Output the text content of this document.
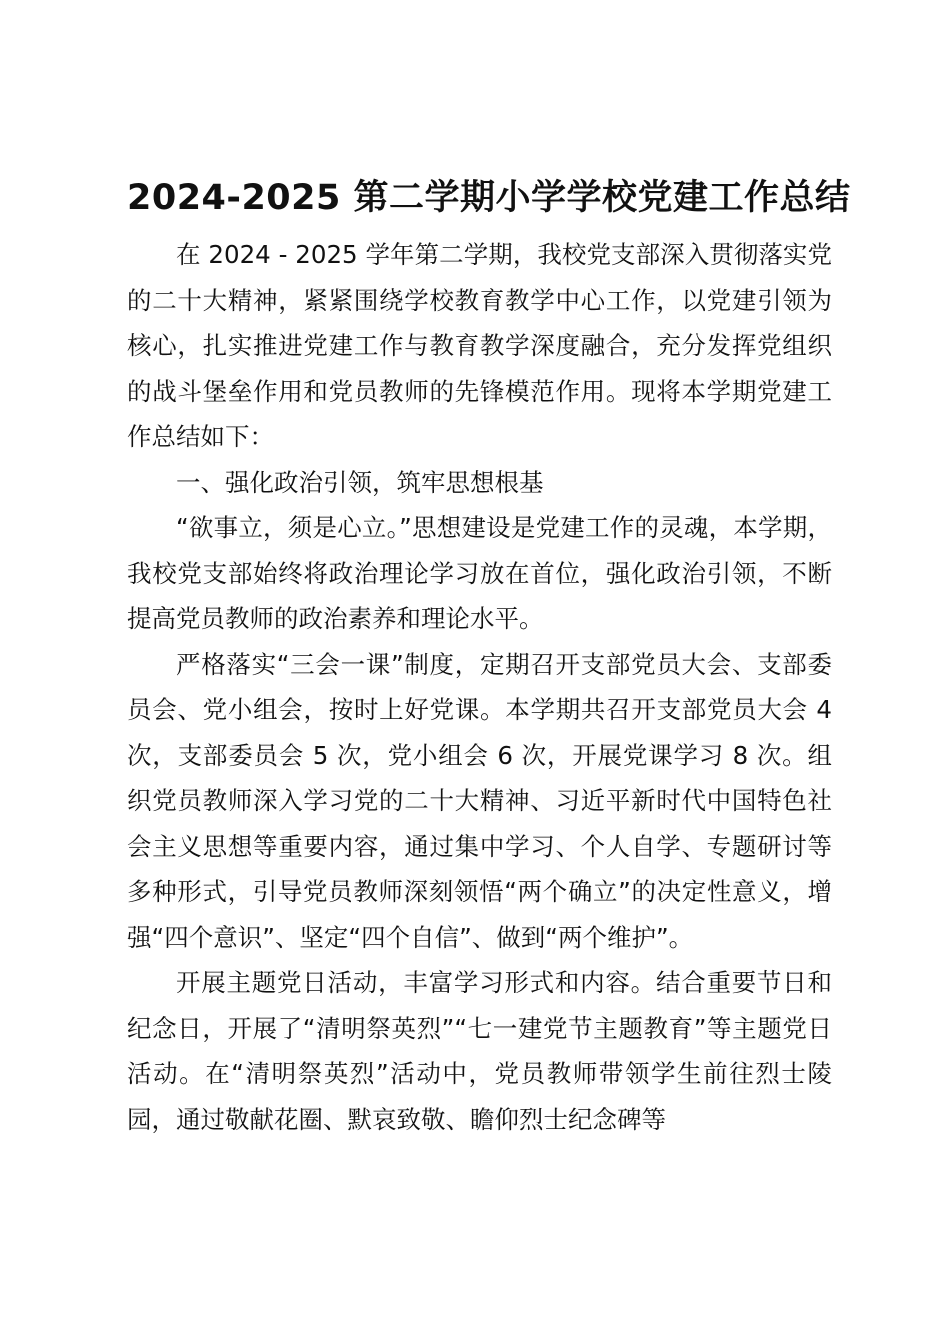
2024-2025 第二学期小学学校党建工作总结

在 2024 - 2025 学年第二学期，我校党支部深入贯彻落实党的二十大精神，紧紧围绕学校教育教学中心工作，以党建引领为核心，扎实推进党建工作与教育教学深度融合，充分发挥党组织的战斗堡垒作用和党员教师的先锋模范作用。现将本学期党建工作总结如下：

一、强化政治引领，筑牢思想根基

“欲事立，须是心立。”思想建设是党建工作的灵魂，本学期，我校党支部始终将政治理论学习放在首位，强化政治引领，不断提高党员教师的政治素养和理论水平。

严格落实“三会一课”制度，定期召开支部党员大会、支部委员会、党小组会，按时上好党课。本学期共召开支部党员大会 4 次，支部委员会 5 次，党小组会 6 次，开展党课学习 8 次。组织党员教师深入学习党的二十大精神、习近平新时代中国特色社会主义思想等重要内容，通过集中学习、个人自学、专题研讨等多种形式，引导党员教师深刻领悟“两个确立”的决定性意义，增强“四个意识”、坚定“四个自信”、做到“两个维护”。

开展主题党日活动，丰富学习形式和内容。结合重要节日和纪念日，开展了“清明祭英烈”“七一建党节主题教育”等主题党日活动。在“清明祭英烈”活动中，党员教师带领学生前往烈士陵园，通过敬献花圈、默哀致敬、瞻仰烈士纪念碑等
